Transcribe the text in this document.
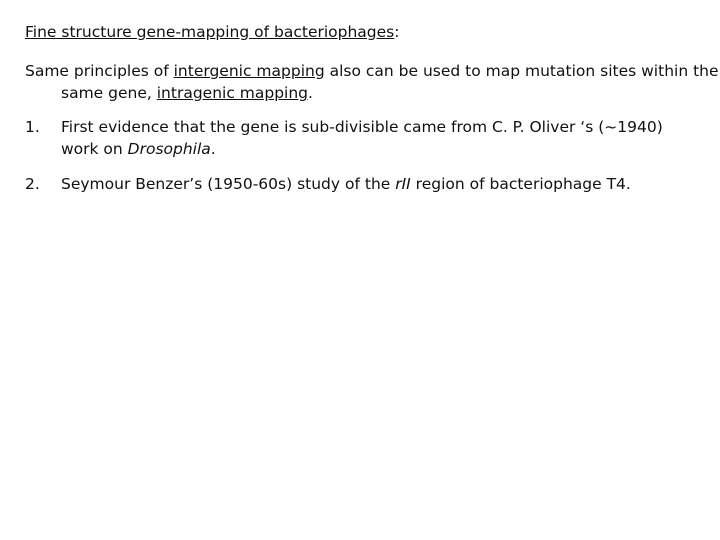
Fine structure gene-mapping of bacteriophages:

Same principles of intergenic mapping also can be used to map mutation sites within the same gene, intragenic mapping.

1. First evidence that the gene is sub-divisible came from C. P. Oliver ‘s (~1940) work on Drosophila.

2. Seymour Benzer’s (1950-60s) study of the rII region of bacteriophage T4.
